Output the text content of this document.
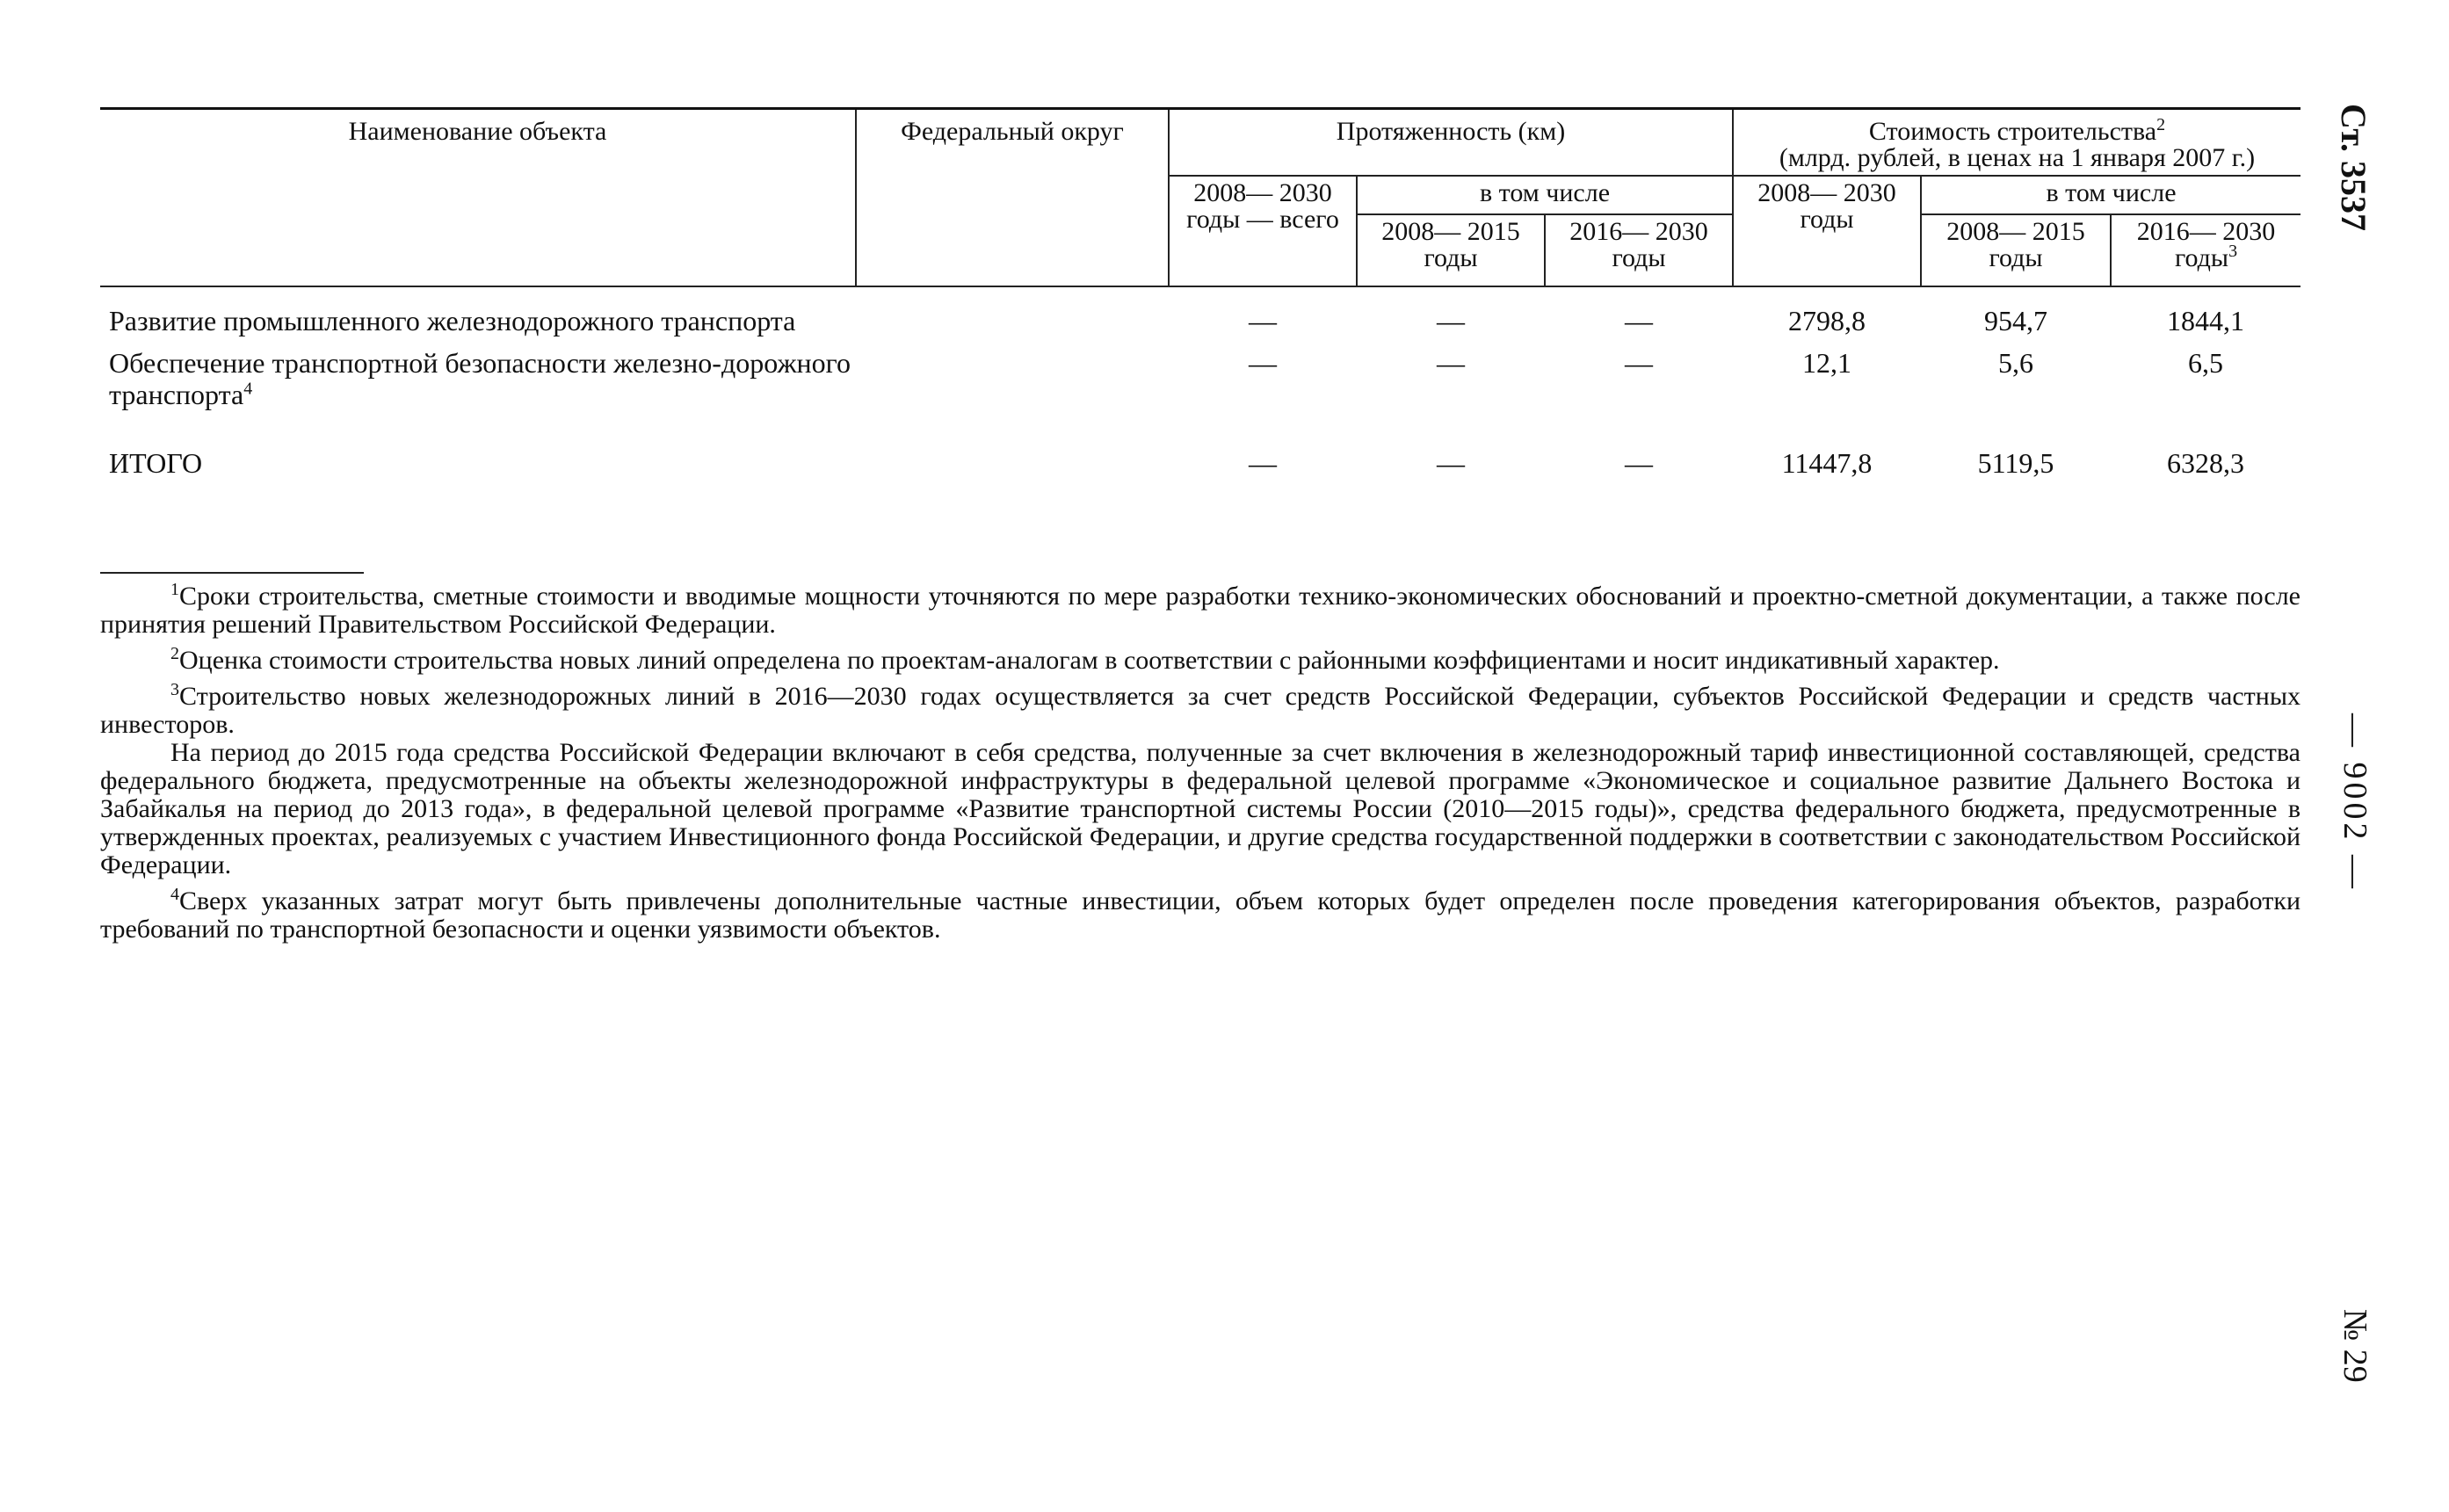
Наименование объекта	Федеральный округ	Протяженность (км)			Стоимость строительства$^2$
(млрд. рублей, в ценах на 1 января 2007 г.)		
		2008— 2030 годы — всего	в том числе		2008— 2030 годы	в том числе	
			2008— 2015 годы	2016— 2030 годы		2008— 2015 годы	2016— 2030 годы$^3$
Развитие промышленного железнодорожного транспорта		—	—	—	2798,8	954,7	1844,1
Обеспечение транспортной безопасности железно-дорожного транспорта$^4$		—	—	—	12,1	5,6	6,5
ИТОГО		—	—	—	11447,8	5119,5	6328,3

$^1$Сроки строительства, сметные стоимости и вводимые мощности уточняются по мере разработки технико-экономических обоснований и проектно-сметной документации, а также после принятия решений Правительством Российской Федерации.

$^2$Оценка стоимости строительства новых линий определена по проектам-аналогам в соответствии с районными коэффициентами и носит индикативный характер.

$^3$Строительство новых железнодорожных линий в 2016—2030 годах осуществляется за счет средств Российской Федерации, субъектов Российской Федерации и средств частных инвесторов.

На период до 2015 года средства Российской Федерации включают в себя средства, полученные за счет включения в железнодорожный тариф инвестиционной составляющей, средства федерального бюджета, предусмотренные на объекты железнодорожной инфраструктуры в федеральной целевой программе «Экономическое и социальное развитие Дальнего Востока и Забайкалья на период до 2013 года», в федеральной целевой программе «Развитие транспортной системы России (2010—2015 годы)», средства федерального бюджета, предусмотренные в утвержденных проектах, реализуемых с участием Инвестиционного фонда Российской Федерации, и другие средства государственной поддержки в соответствии с законодательством Российской Федерации.

$^4$Сверх указанных затрат могут быть привлечены дополнительные частные инвестиции, объем которых будет определен после проведения категорирования объектов, разработки требований по транспортной безопасности и оценки уязвимости объектов.

Ст. 3537
— 9002 —
№ 29
